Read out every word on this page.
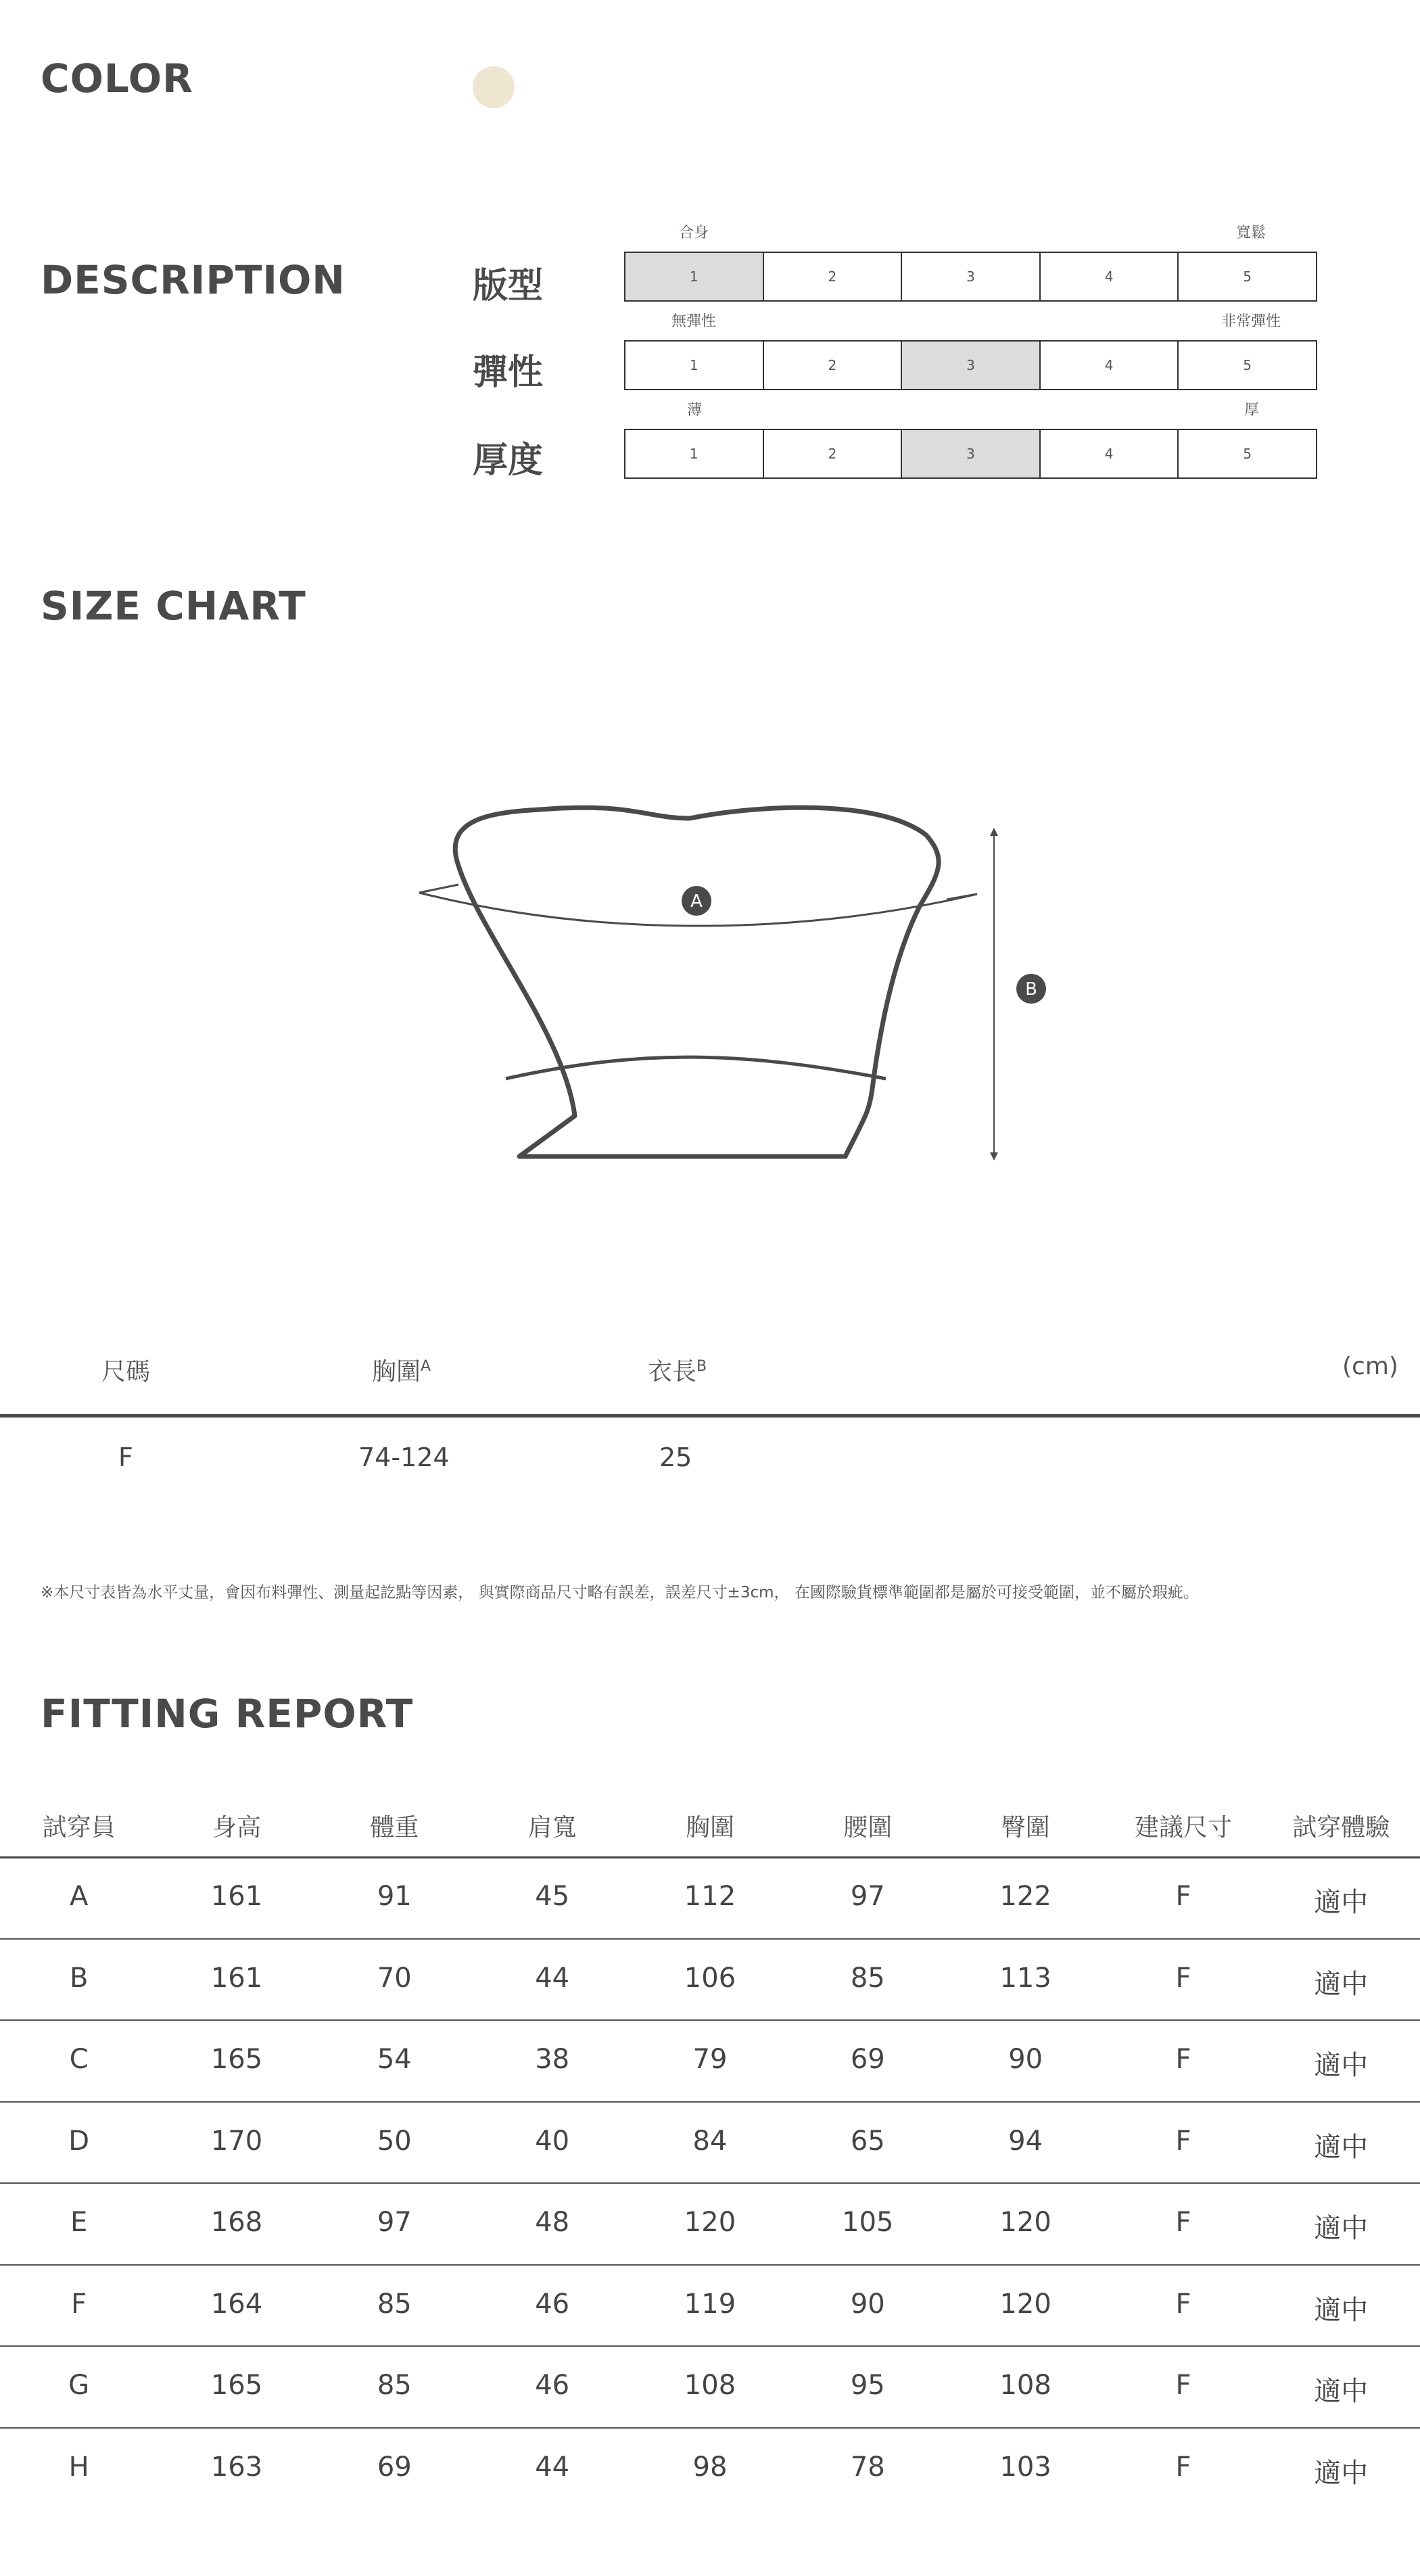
COLOR
DESCRIPTION
合身	寬鬆
版型	1	2	3	4	5
無彈性	非常彈性
彈性	1	2	3	4	5
薄	厚
厚度	1	2	3	4	5
SIZE CHART
A
B
尺碼	胸圍$^A$	衣長$^B$	(cm)
F	74-124	25
※本尺寸表皆為水平丈量，會因布料彈性、測量起訖點等因素， 與實際商品尺寸略有誤差，誤差尺寸±3cm， 在國際驗貨標準範圍都是屬於可接受範圍，並不屬於瑕疵。
FITTING REPORT
試穿員	身高	體重	肩寬	胸圍	腰圍	臀圍	建議尺寸	試穿體驗
A	161	91	45	112	97	122	F	適中
B	161	70	44	106	85	113	F	適中
C	165	54	38	79	69	90	F	適中
D	170	50	40	84	65	94	F	適中
E	168	97	48	120	105	120	F	適中
F	164	85	46	119	90	120	F	適中
G	165	85	46	108	95	108	F	適中
H	163	69	44	98	78	103	F	適中
